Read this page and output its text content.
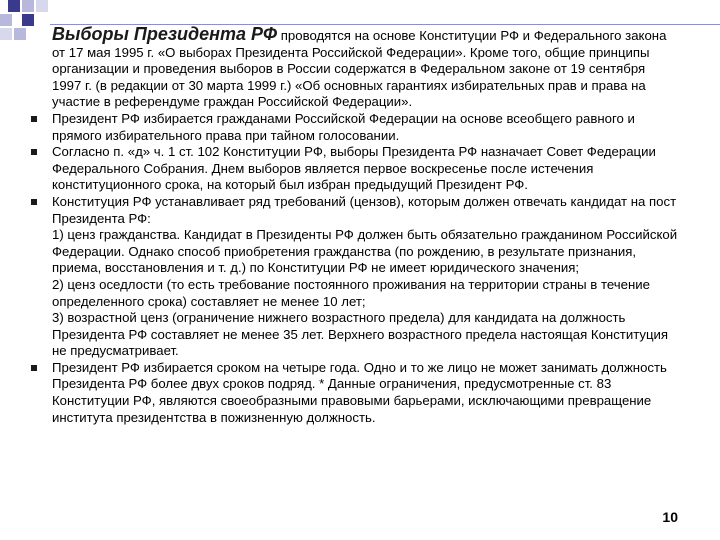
Выборы Президента РФ проводятся на основе Конституции РФ и Федерального закона от 17 мая 1995 г. «О выборах Президента Российской Федерации». Кроме того, общие принципы организации и проведения выборов в России содержатся в Федеральном законе от 19 сентября 1997 г. (в редакции от 30 марта 1999 г.) «Об основных гарантиях избирательных прав и права на участие в референдуме граждан Российской Федерации».

Президент РФ избирается гражданами Российской Федерации на основе всеобщего равного и прямого избирательного права при тайном голосовании.
Согласно п. «д» ч. 1 ст. 102 Конституции РФ, выборы Президента РФ назначает Совет Федерации Федерального Собрания. Днем выборов является первое воскресенье после истечения конституционного срока, на который был избран предыдущий Президент РФ.
Конституция РФ устанавливает ряд требований (цензов), которым должен отвечать кандидат на пост Президента РФ:
1) ценз гражданства. Кандидат в Президенты РФ должен быть обязательно гражданином Российской Федерации. Однако способ приобретения гражданства (по рождению, в результате признания, приема, восстановления и т. д.) по Конституции РФ не имеет юридического значения;
2) ценз оседлости (то есть требование постоянного проживания на территории страны в течение определенного срока) составляет не менее 10 лет;
3) возрастной ценз (ограничение нижнего возрастного предела) для кандидата на должность Президента РФ составляет не менее 35 лет. Верхнего возрастного предела настоящая Конституция не предусматривает.
Президент РФ избирается сроком на четыре года. Одно и то же лицо не может занимать должность Президента РФ более двух сроков подряд. * Данные ограничения, предусмотренные ст. 83 Конституции РФ, являются своеобразными правовыми барьерами, исключающими превращение института президентства в пожизненную должность.
10
